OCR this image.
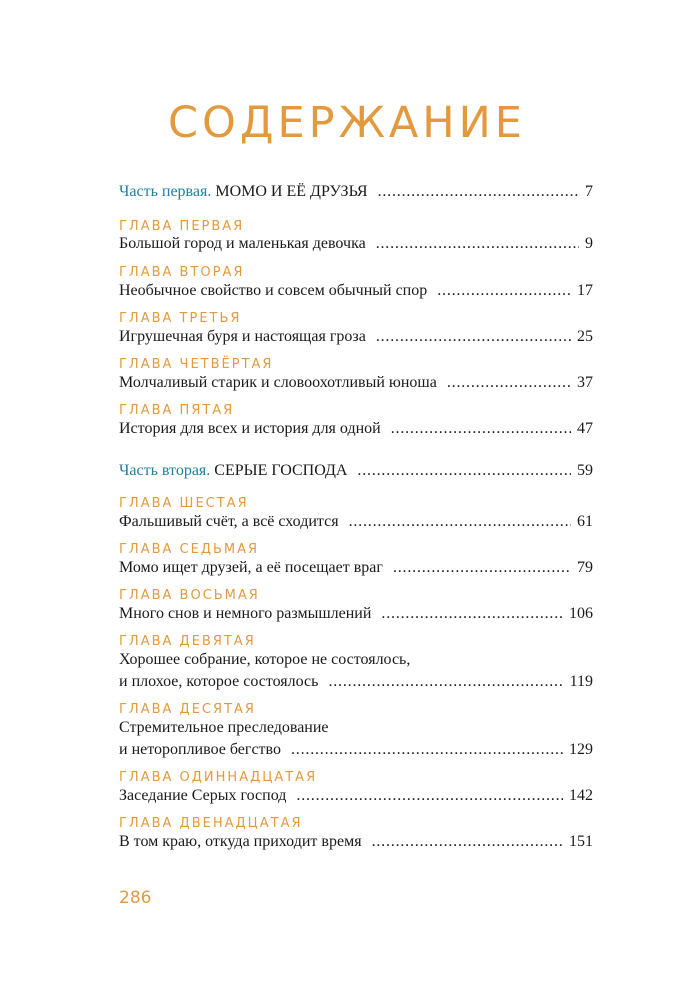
СОДЕРЖАНИЕ
Часть первая. МОМО И ЕЁ ДРУЗЬЯ . . .	7
ГЛАВА ПЕРВАЯ
Большой город и маленькая девочка . . .	9
ГЛАВА ВТОРАЯ
Необычное свойство и совсем обычный спор . . .	17
ГЛАВА ТРЕТЬЯ
Игрушечная буря и настоящая гроза . . .	25
ГЛАВА ЧЕТВЁРТАЯ
Молчаливый старик и словоохотливый юноша . . .	37
ГЛАВА ПЯТАЯ
История для всех и история для одной . . .	47
Часть вторая. СЕРЫЕ ГОСПОДА . . .	59
ГЛАВА ШЕСТАЯ
Фальшивый счёт, а всё сходится . . .	61
ГЛАВА СЕДЬМАЯ
Момо ищет друзей, а её посещает враг . . .	79
ГЛАВА ВОСЬМАЯ
Много снов и немного размышлений . . .	106
ГЛАВА ДЕВЯТАЯ
Хорошее собрание, которое не состоялось,
и плохое, которое состоялось . . .	119
ГЛАВА ДЕСЯТАЯ
Стремительное преследование
и неторопливое бегство . . .	129
ГЛАВА ОДИННАДЦАТАЯ
Заседание Серых господ . . .	142
ГЛАВА ДВЕНАДЦАТАЯ
В том краю, откуда приходит время . . .	151
286
